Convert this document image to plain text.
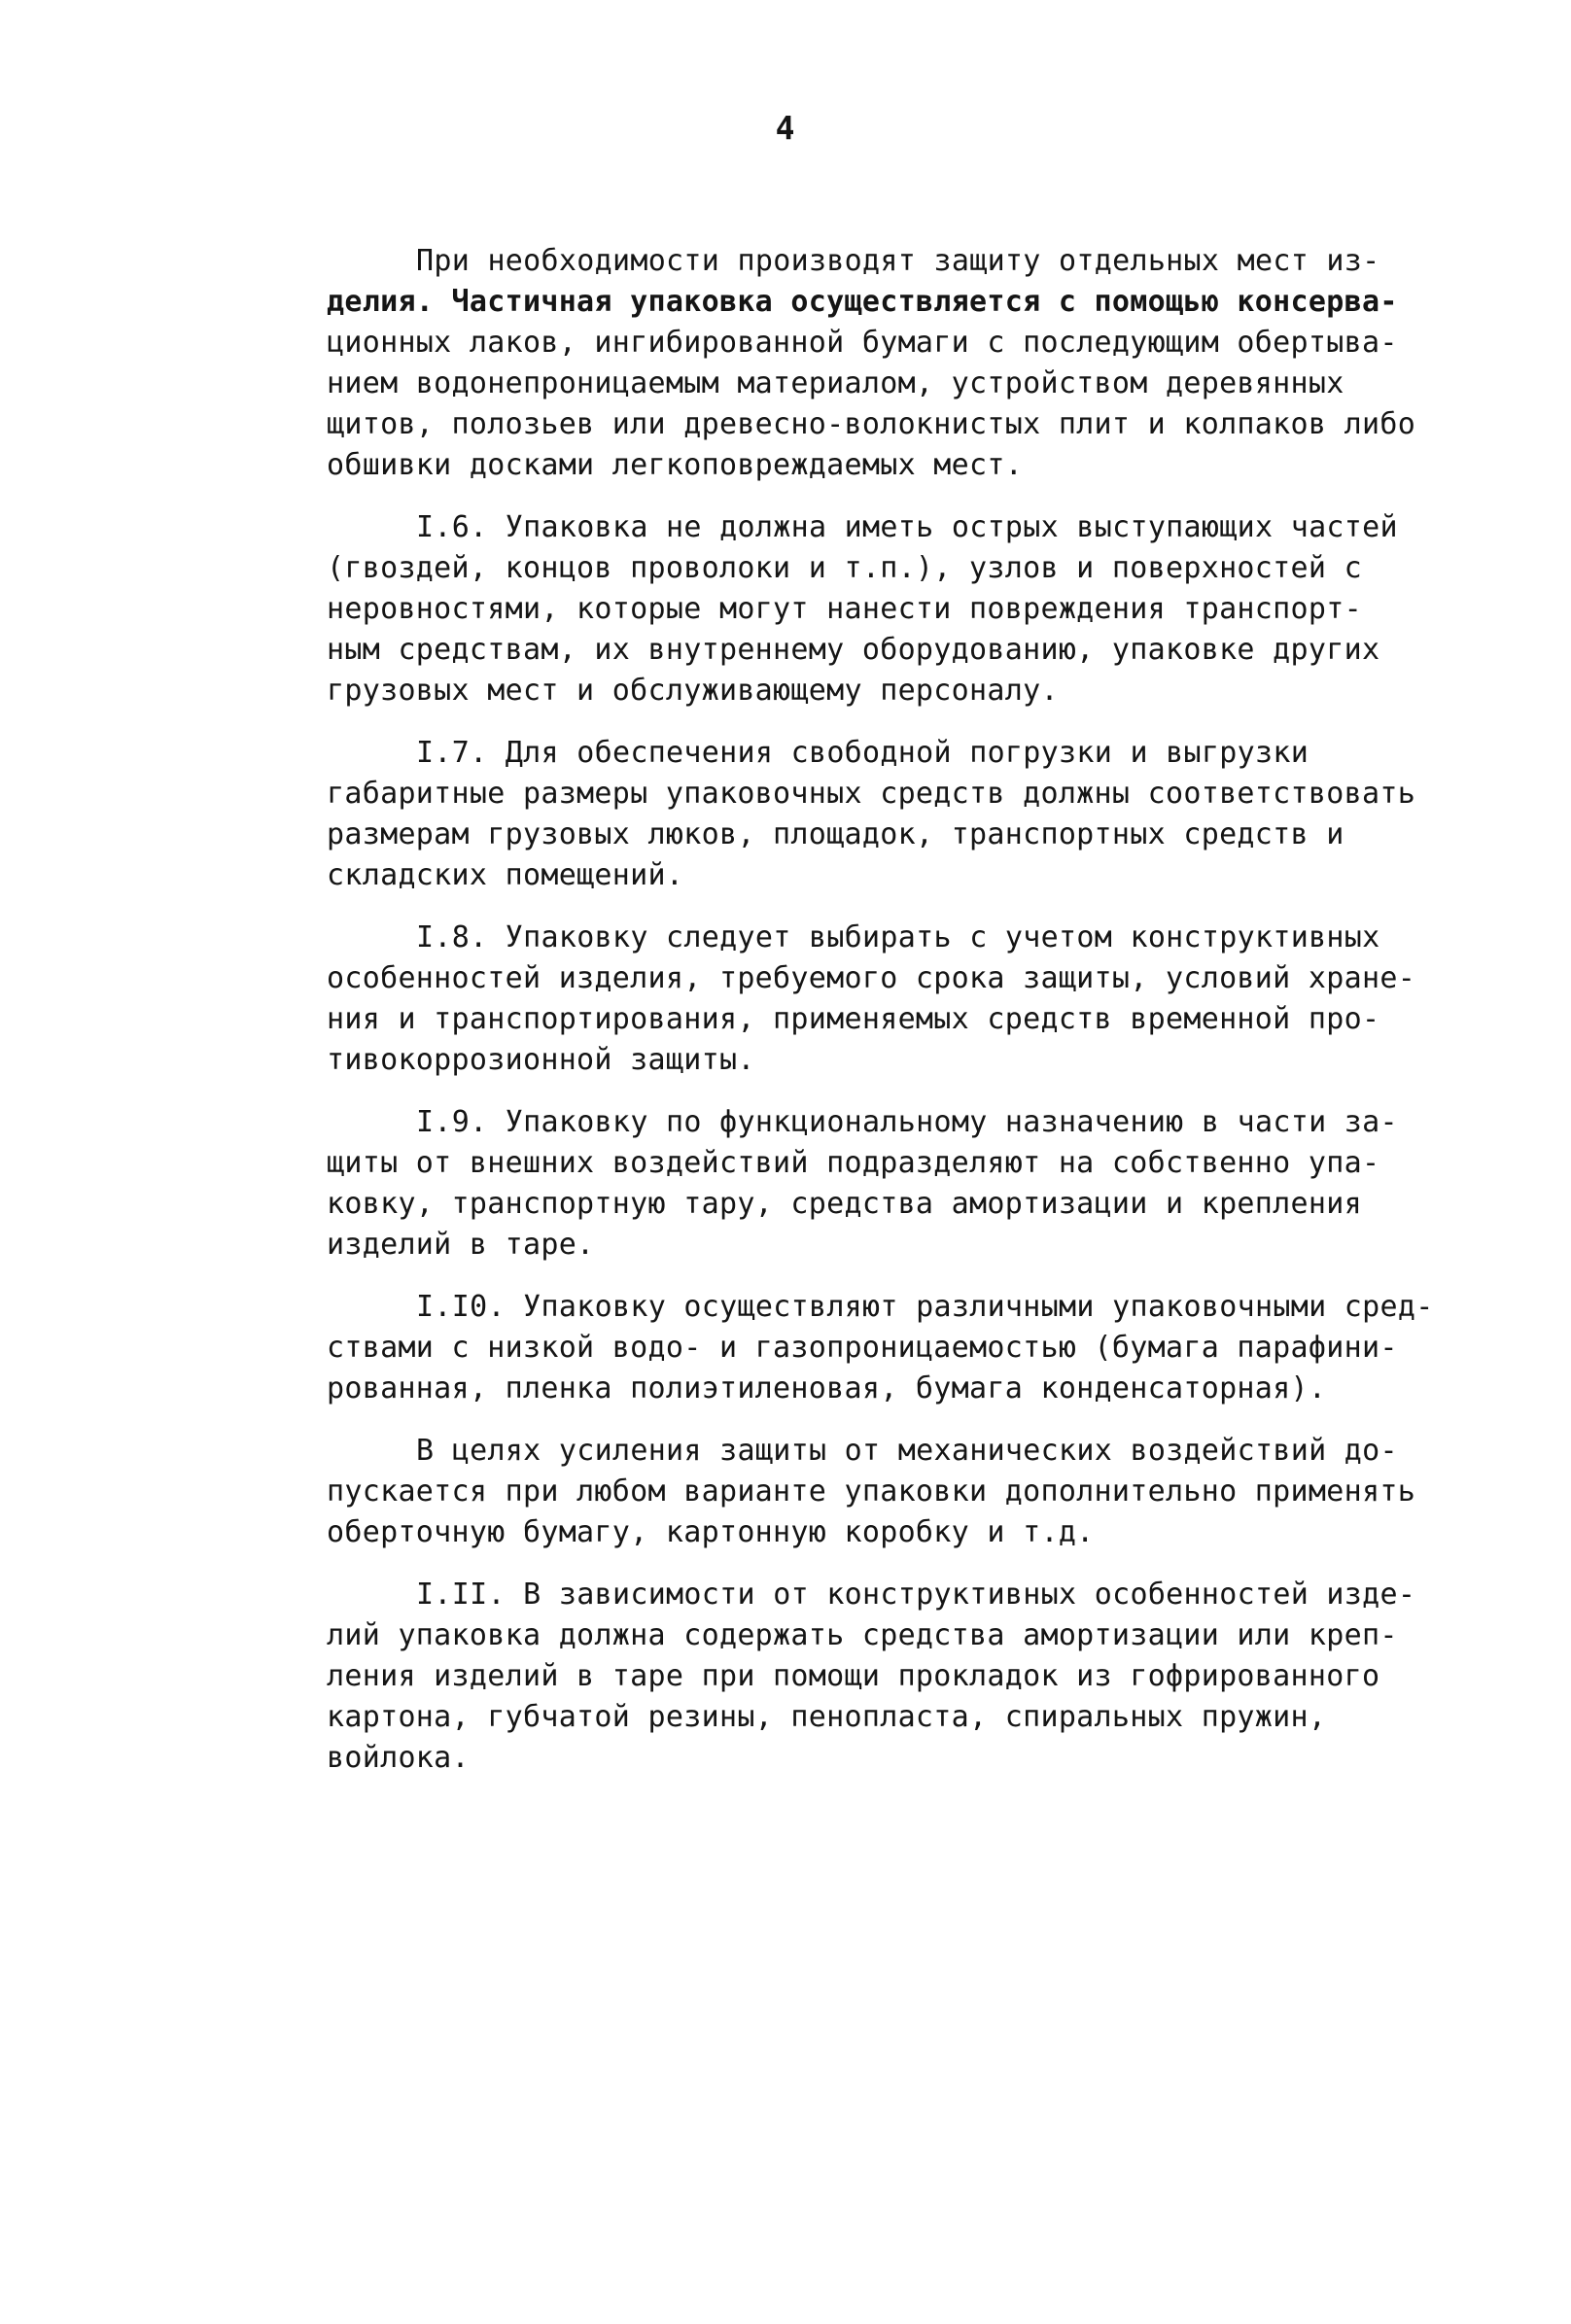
4
При необходимости производят защиту отдельных мест из-
делия. Частичная упаковка осуществляется с помощью консерва-
ционных лаков, ингибированной бумаги с последующим обертыва-
нием водонепроницаемым материалом, устройством деревянных
щитов, полозьев или древесно-волокнистых плит и колпаков либо
обшивки досками легкоповреждаемых мест.
I.6. Упаковка не должна иметь острых выступающих частей
(гвоздей, концов проволоки и т.п.), узлов и поверхностей с
неровностями, которые могут нанести повреждения транспорт-
ным средствам, их внутреннему оборудованию, упаковке других
грузовых мест и обслуживающему персоналу.
I.7. Для обеспечения свободной погрузки и выгрузки
габаритные размеры упаковочных средств должны соответствовать
размерам грузовых люков, площадок, транспортных средств и
складских помещений.
I.8. Упаковку следует выбирать с учетом конструктивных
особенностей изделия, требуемого срока защиты, условий хране-
ния и транспортирования, применяемых средств временной про-
тивокоррозионной защиты.
I.9. Упаковку по функциональному назначению в части за-
щиты от внешних воздействий подразделяют на собственно упа-
ковку, транспортную тару, средства амортизации и крепления
изделий в таре.
I.I0. Упаковку осуществляют различными упаковочными сред-
ствами с низкой водо- и газопроницаемостью (бумага парафини-
рованная, пленка полиэтиленовая, бумага конденсаторная).
В целях усиления защиты от механических воздействий до-
пускается при любом варианте упаковки дополнительно применять
оберточную бумагу, картонную коробку и т.д.
I.II. В зависимости от конструктивных особенностей изде-
лий упаковка должна содержать средства амортизации или креп-
ления изделий в таре при помощи прокладок из гофрированного
картона, губчатой резины, пенопласта, спиральных пружин,
войлока.
